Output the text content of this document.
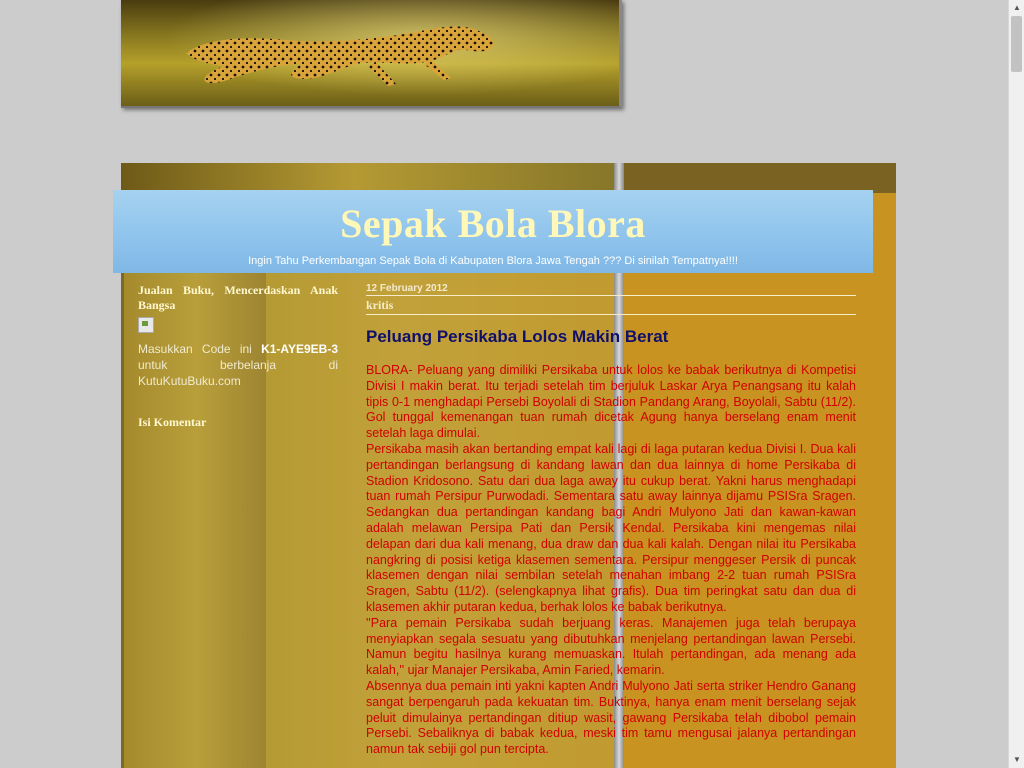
Sepak Bola Blora
Ingin Tahu Perkembangan Sepak Bola di Kabupaten Blora Jawa Tengah ??? Di sinilah Tempatnya!!!!
Jualan Buku, Mencerdaskan Anak Bangsa
Masukkan Code ini K1-AYE9EB-3 untuk berbelanja di KutuKutuBuku.com
Isi Komentar
12 February 2012
kritis
Peluang Persikaba Lolos Makin Berat

BLORA- Peluang yang dimiliki Persikaba untuk lolos ke babak berikutnya di Kompetisi Divisi I makin berat. Itu terjadi setelah tim berjuluk Laskar Arya Penangsang itu kalah tipis 0-1 menghadapi Persebi Boyolali di Stadion Pandang Arang, Boyolali, Sabtu (11/2). Gol tunggal kemenangan tuan rumah dicetak Agung hanya berselang enam menit setelah laga dimulai.

Persikaba masih akan bertanding empat kali lagi di laga putaran kedua Divisi I. Dua kali pertandingan berlangsung di kandang lawan dan dua lainnya di home Persikaba di Stadion Kridosono. Satu dari dua laga away itu cukup berat. Yakni harus menghadapi tuan rumah Persipur Purwodadi. Sementara satu away lainnya dijamu PSISra Sragen. Sedangkan dua pertandingan kandang bagi Andri Mulyono Jati dan kawan-kawan adalah melawan Persipa Pati dan Persik Kendal. Persikaba kini mengemas nilai delapan dari dua kali menang, dua draw dan dua kali kalah. Dengan nilai itu Persikaba nangkring di posisi ketiga klasemen sementara. Persipur menggeser Persik di puncak klasemen dengan nilai sembilan setelah menahan imbang 2-2 tuan rumah PSISra Sragen, Sabtu (11/2). (selengkapnya lihat grafis). Dua tim peringkat satu dan dua di klasemen akhir putaran kedua, berhak lolos ke babak berikutnya.

''Para pemain Persikaba sudah berjuang keras. Manajemen juga telah berupaya menyiapkan segala sesuatu yang dibutuhkan menjelang pertandingan lawan Persebi. Namun begitu hasilnya kurang memuaskan. Itulah pertandingan, ada menang ada kalah,'' ujar Manajer Persikaba, Amin Faried, kemarin.

Absennya dua pemain inti yakni kapten Andri Mulyono Jati serta striker Hendro Ganang sangat berpengaruh pada kekuatan tim. Buktinya, hanya enam menit berselang sejak peluit dimulainya pertandingan ditiup wasit, gawang Persikaba telah dibobol pemain Persebi. Sebaliknya di babak kedua, meski tim tamu mengusai jalanya pertandingan namun tak sebiji gol pun tercipta.

▲
▼
